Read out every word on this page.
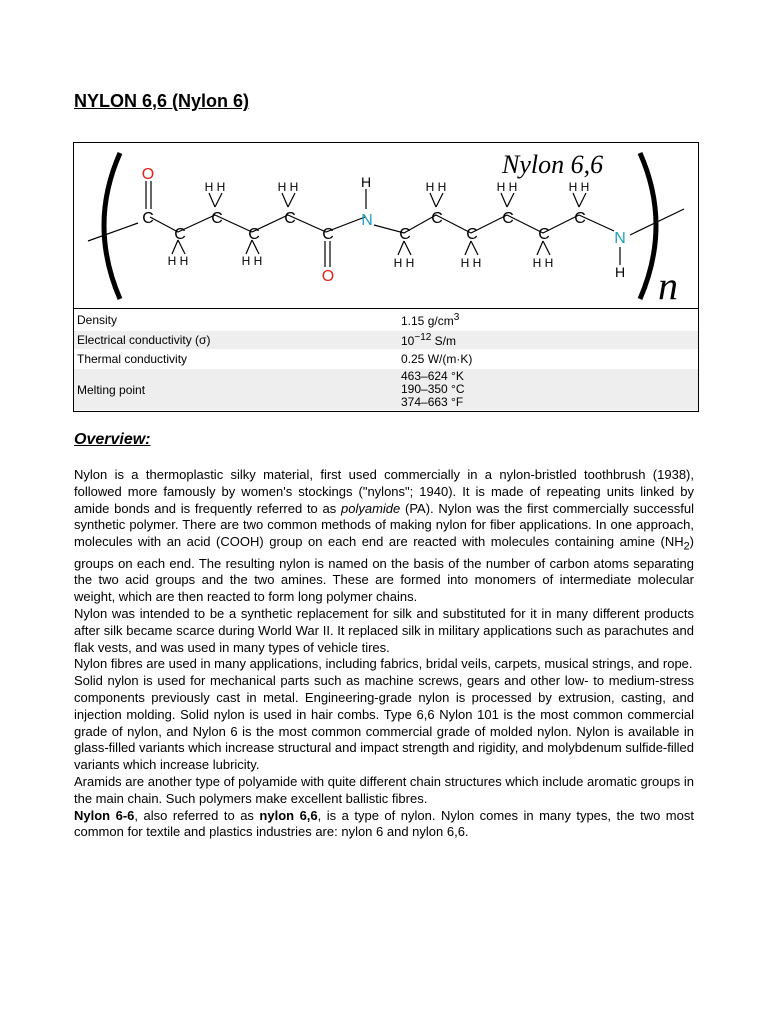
NYLON 6,6 (Nylon 6)
Nylon 6,6
n
O
C
C
C
C
C
C
O
N
C
C
C
C
C
C
N
H H
H H
H H
H H	H
H H
H H
H H
H H
H H
H H
H
Density	1.15 $g/cm^3$
Electrical conductivity (σ)	$10^{-12}$ S/m
Thermal conductivity	0.25 W/(m·K)
Melting point	463–624 °K
190–350 °C
374–663 °F
Overview:

Nylon is a thermoplastic silky material, first used commercially in a nylon-bristled toothbrush (1938), followed more famously by women's stockings ("nylons"; 1940). It is made of repeating units linked by amide bonds and is frequently referred to as polyamide (PA). Nylon was the first commercially successful synthetic polymer. There are two common methods of making nylon for fiber applications. In one approach, molecules with an acid (COOH) group on each end are reacted with molecules containing amine $(NH_2)$ groups on each end. The resulting nylon is named on the basis of the number of carbon atoms separating the two acid groups and the two amines. These are formed into monomers of intermediate molecular weight, which are then reacted to form long polymer chains.

Nylon was intended to be a synthetic replacement for silk and substituted for it in many different products after silk became scarce during World War II. It replaced silk in military applications such as parachutes and flak vests, and was used in many types of vehicle tires.

Nylon fibres are used in many applications, including fabrics, bridal veils, carpets, musical strings, and rope.

Solid nylon is used for mechanical parts such as machine screws, gears and other low- to medium-stress components previously cast in metal. Engineering-grade nylon is processed by extrusion, casting, and injection molding. Solid nylon is used in hair combs. Type 6,6 Nylon 101 is the most common commercial grade of nylon, and Nylon 6 is the most common commercial grade of molded nylon. Nylon is available in glass-filled variants which increase structural and impact strength and rigidity, and molybdenum sulfide-filled variants which increase lubricity.

Aramids are another type of polyamide with quite different chain structures which include aromatic groups in the main chain. Such polymers make excellent ballistic fibres.

Nylon 6-6, also referred to as nylon 6,6, is a type of nylon. Nylon comes in many types, the two most common for textile and plastics industries are: nylon 6 and nylon 6,6.
